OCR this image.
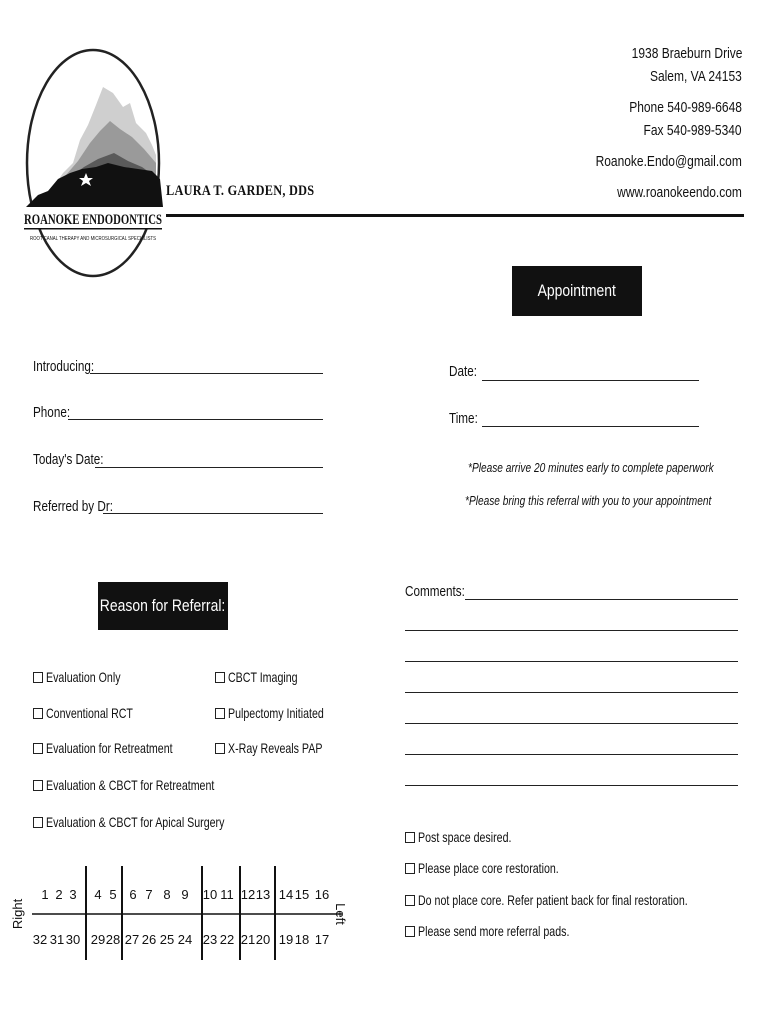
ROANOKE ENDODONTICS
ROOT CANAL THERAPY AND MICROSURGICAL SPECIALISTS
LAURA T. GARDEN, DDS
1938 Braeburn Drive
Salem, VA 24153
Phone 540-989-6648
Fax 540-989-5340
Roanoke.Endo@gmail.com
www.roanokeendo.com
Appointment
Introducing:
Phone:
Today's Date:
Referred by Dr:
Date:
Time:
*Please arrive 20 minutes early to complete paperwork
*Please bring this referral with you to your appointment
Reason for Referral:
Evaluation Only
Conventional RCT
Evaluation for Retreatment
Evaluation & CBCT for Retreatment
Evaluation & CBCT for Apical Surgery
CBCT Imaging
Pulpectomy Initiated
X-Ray Reveals PAP
Comments:
Post space desired.
Please place core restoration.
Do not place core. Refer patient back for final restoration.
Please send more referral pads.
1 2 3 4 5 6 7 8 9 10 11 12 13 14 15 16
32 31 30 29 28 27 26 25 24 23 22 21 20 19 18 17
Right	Left
